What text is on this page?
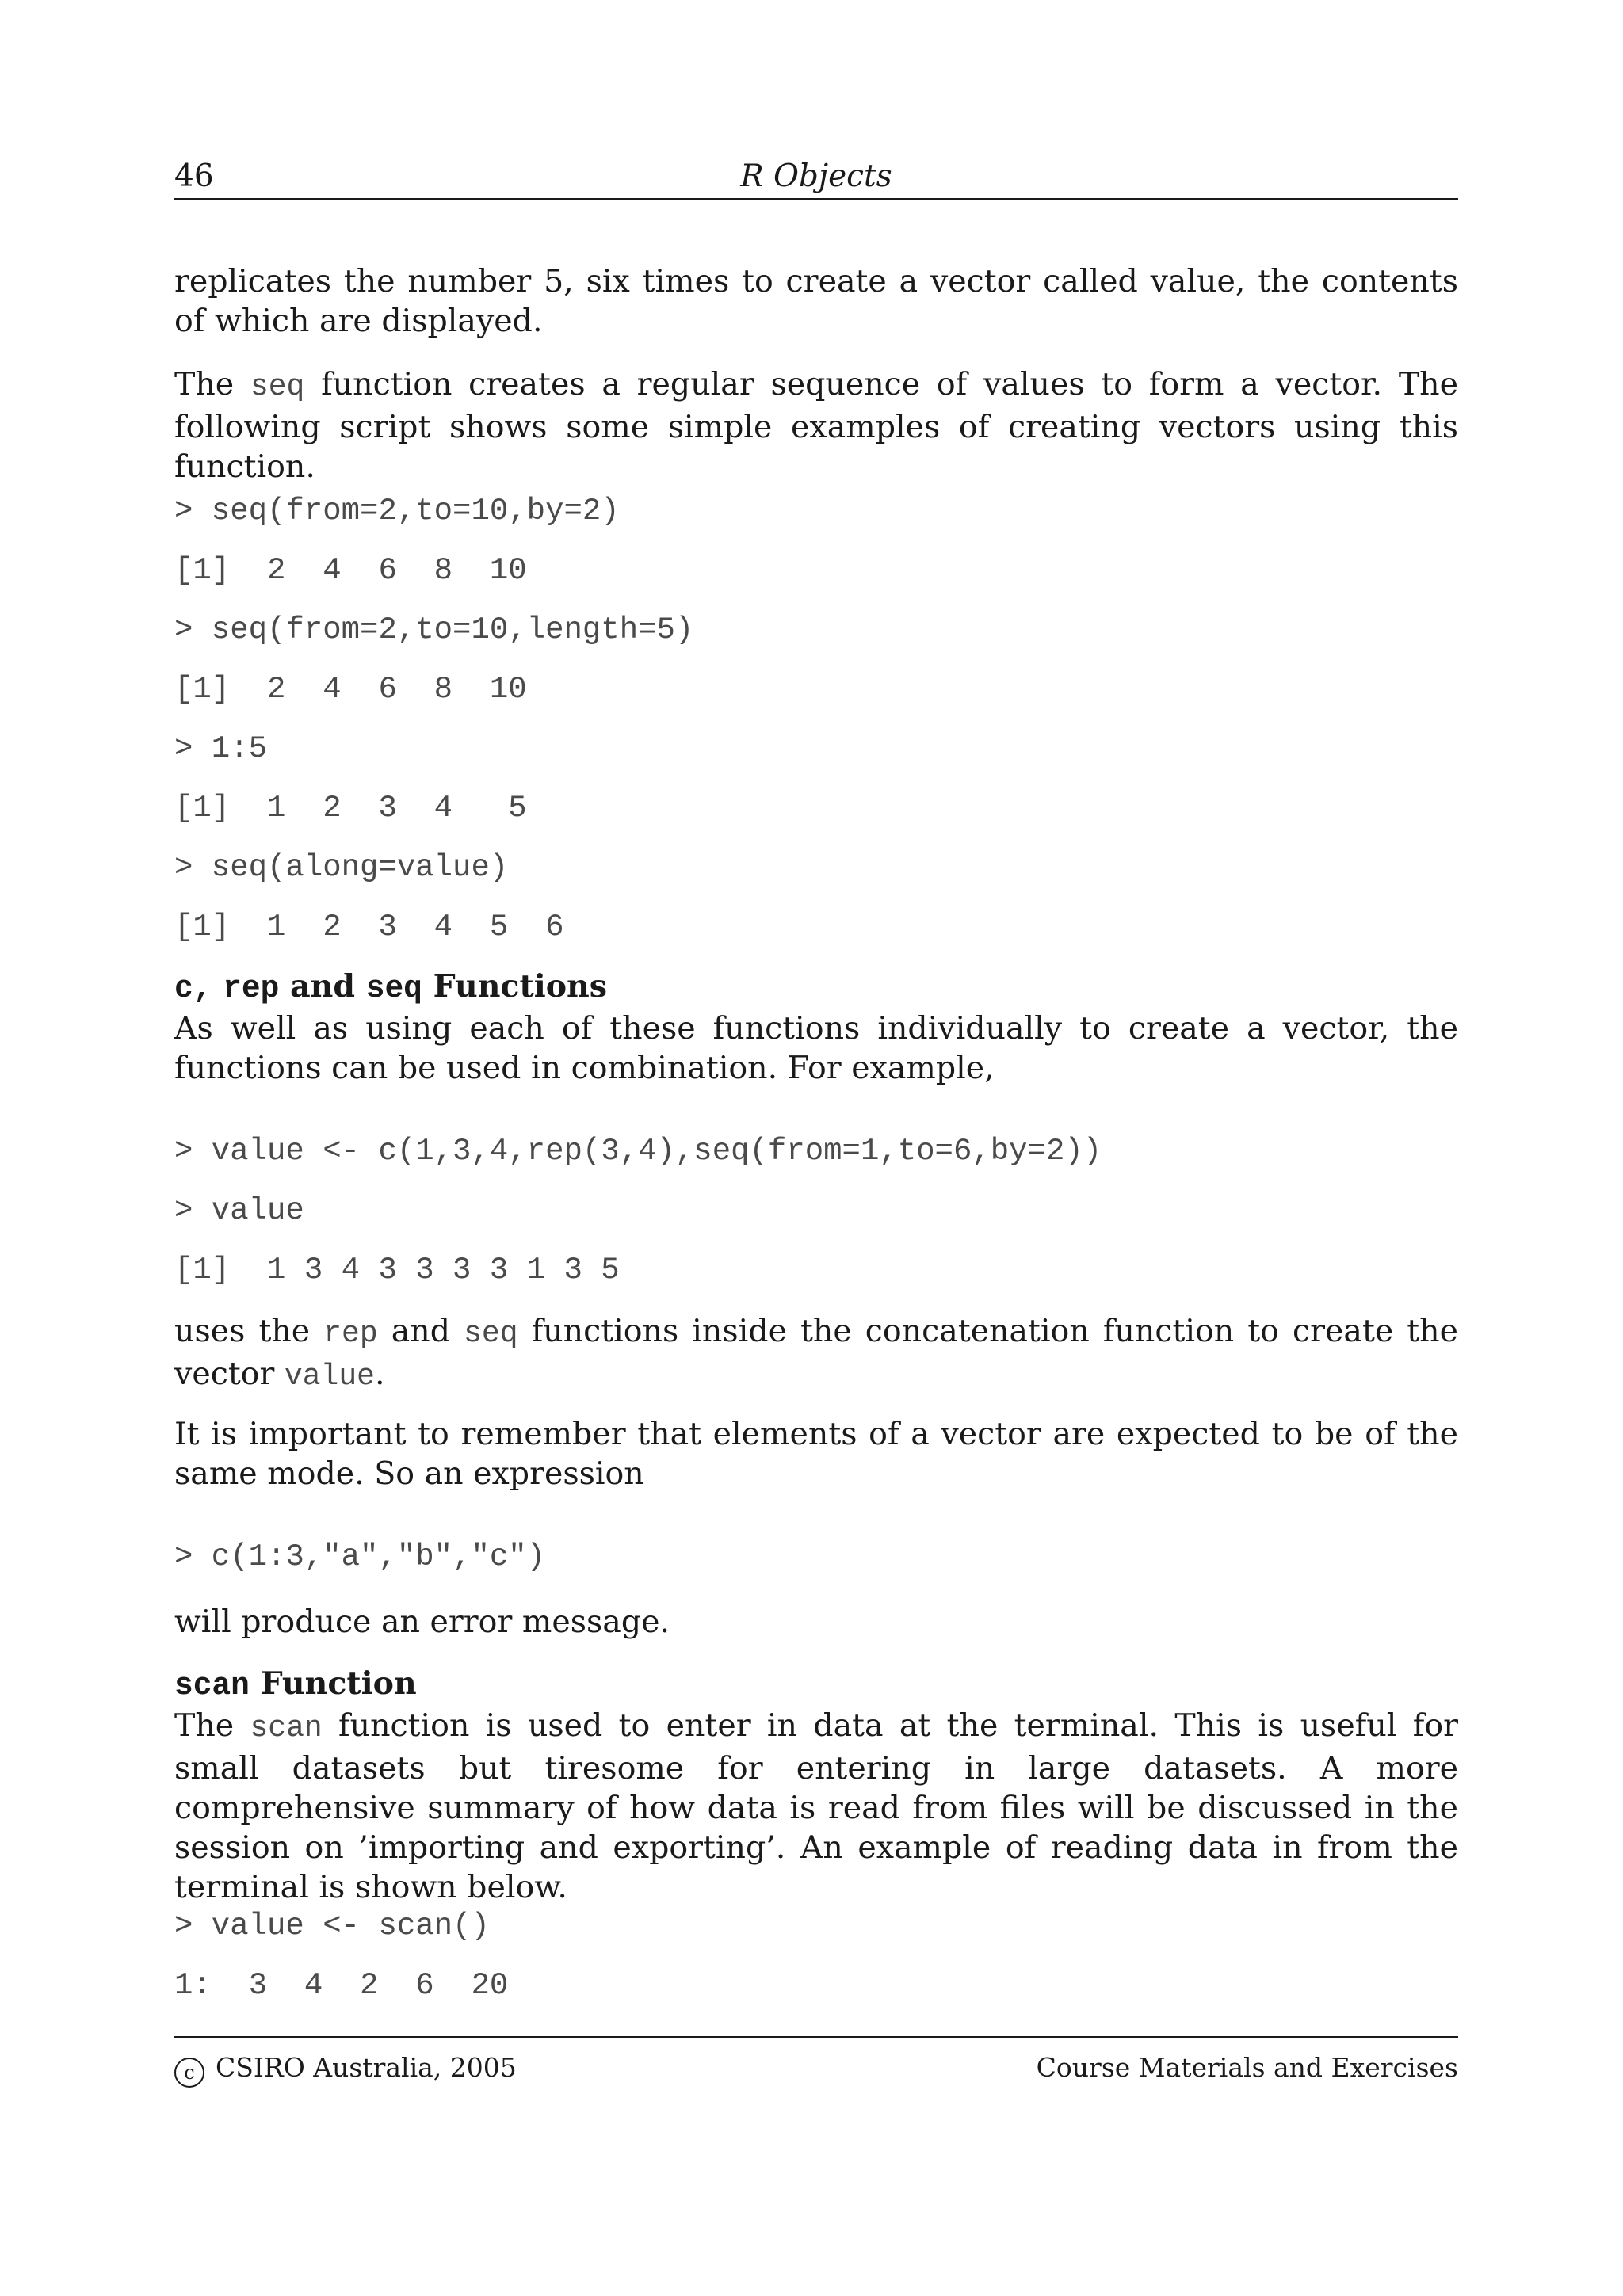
46	R Objects

replicates the number 5, six times to create a vector called value, the contents of which are displayed.

The seq function creates a regular sequence of values to form a vector. The following script shows some simple examples of creating vectors using this function.

> seq(from=2,to=10,by=2)
[1]  2  4  6  8  10
> seq(from=2,to=10,length=5)
[1]  2  4  6  8  10
> 1:5
[1]  1  2  3  4   5
> seq(along=value)
[1]  1  2  3  4  5  6

c, rep and seq Functions

As well as using each of these functions individually to create a vector, the functions can be used in combination. For example,

> value <- c(1,3,4,rep(3,4),seq(from=1,to=6,by=2))
> value
[1]  1 3 4 3 3 3 3 1 3 5

uses the rep and seq functions inside the concatenation function to create the vector value.

It is important to remember that elements of a vector are expected to be of the same mode. So an expression

> c(1:3,"a","b","c")

will produce an error message.

scan Function

The scan function is used to enter in data at the terminal. This is useful for small datasets but tiresome for entering in large datasets. A more comprehensive summary of how data is read from files will be discussed in the session on ’importing and exporting’. An example of reading data in from the terminal is shown below.

> value <- scan()
1:  3  4  2  6  20
c CSIRO Australia, 2005	Course Materials and Exercises
